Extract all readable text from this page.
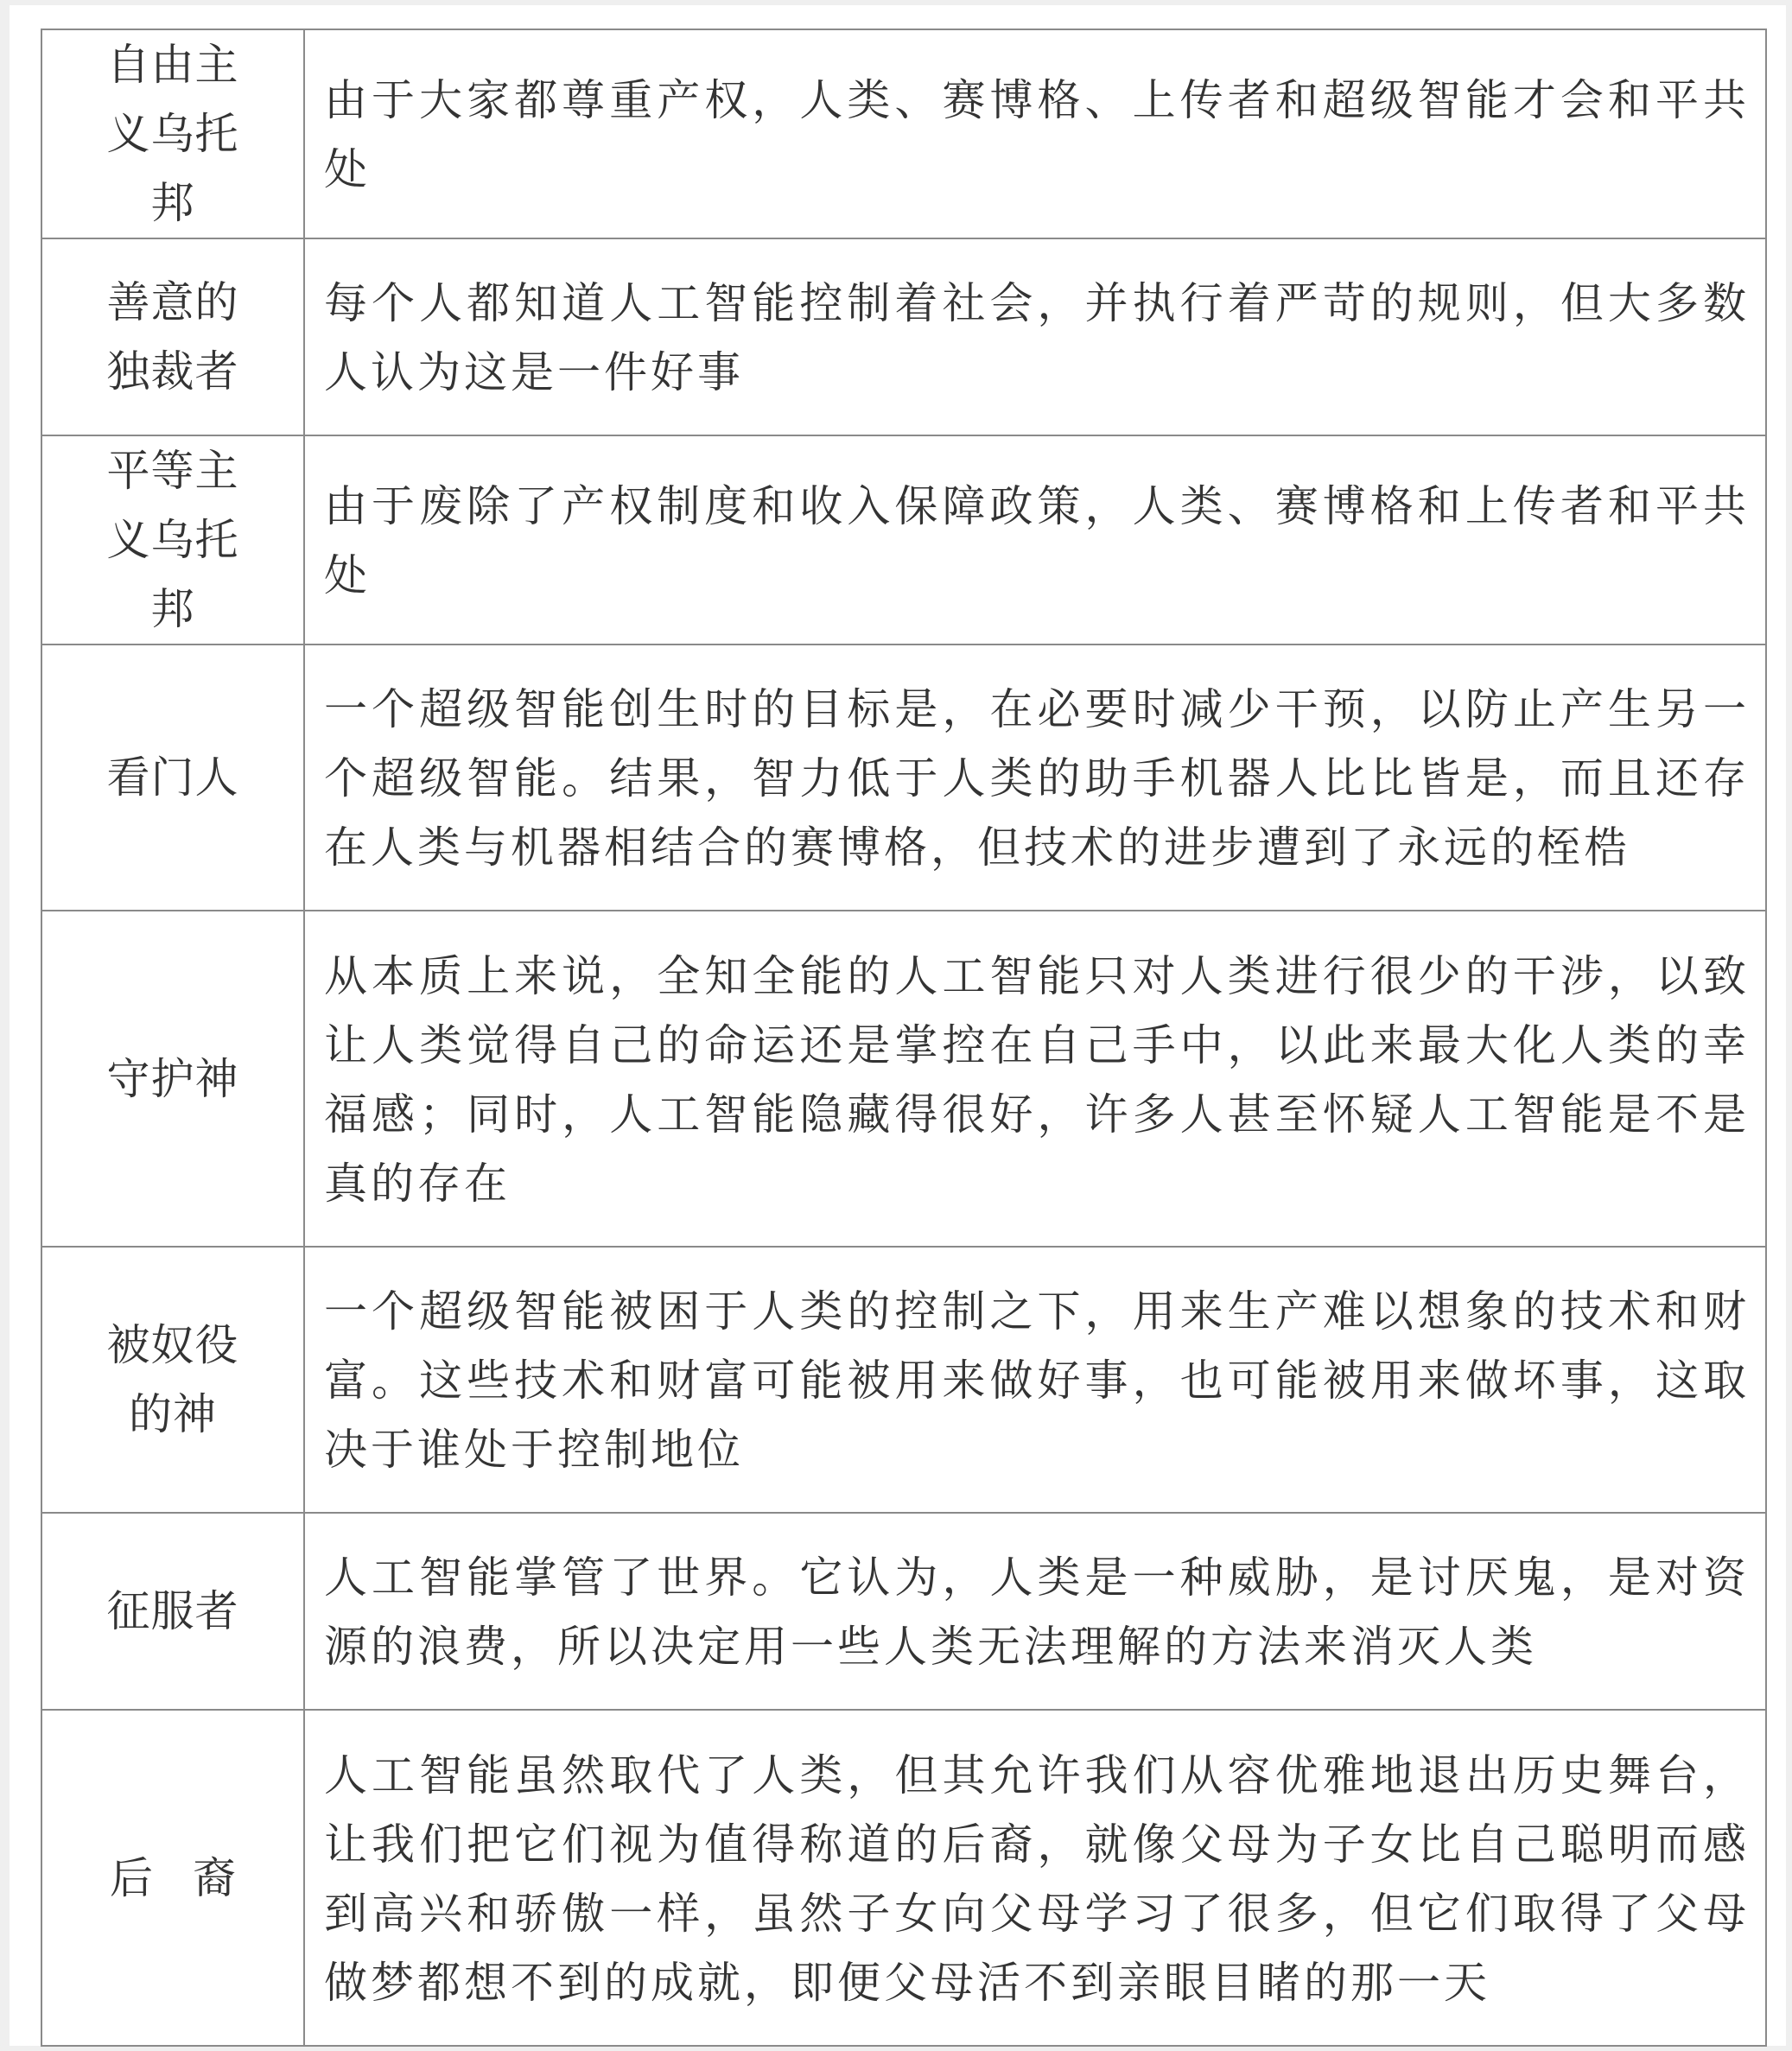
自由主义乌托邦	由于大家都尊重产权，人类、赛博格、上传者和超级智能才会和平共处
善意的独裁者	每个人都知道人工智能控制着社会，并执行着严苛的规则，但大多数人认为这是一件好事
平等主义乌托邦	由于废除了产权制度和收入保障政策，人类、赛博格和上传者和平共处
看门人	一个超级智能创生时的目标是，在必要时减少干预，以防止产生另一个超级智能。结果，智力低于人类的助手机器人比比皆是，而且还存在人类与机器相结合的赛博格，但技术的进步遭到了永远的桎梏
守护神	从本质上来说，全知全能的人工智能只对人类进行很少的干涉，以致让人类觉得自己的命运还是掌控在自己手中，以此来最大化人类的幸福感；同时，人工智能隐藏得很好，许多人甚至怀疑人工智能是不是真的存在
被奴役的神	一个超级智能被困于人类的控制之下，用来生产难以想象的技术和财富。这些技术和财富可能被用来做好事，也可能被用来做坏事，这取决于谁处于控制地位
征服者	人工智能掌管了世界。它认为，人类是一种威胁，是讨厌鬼，是对资源的浪费，所以决定用一些人类无法理解的方法来消灭人类
后裔	人工智能虽然取代了人类，但其允许我们从容优雅地退出历史舞台，让我们把它们视为值得称道的后裔，就像父母为子女比自己聪明而感到高兴和骄傲一样，虽然子女向父母学习了很多，但它们取得了父母做梦都想不到的成就，即便父母活不到亲眼目睹的那一天
